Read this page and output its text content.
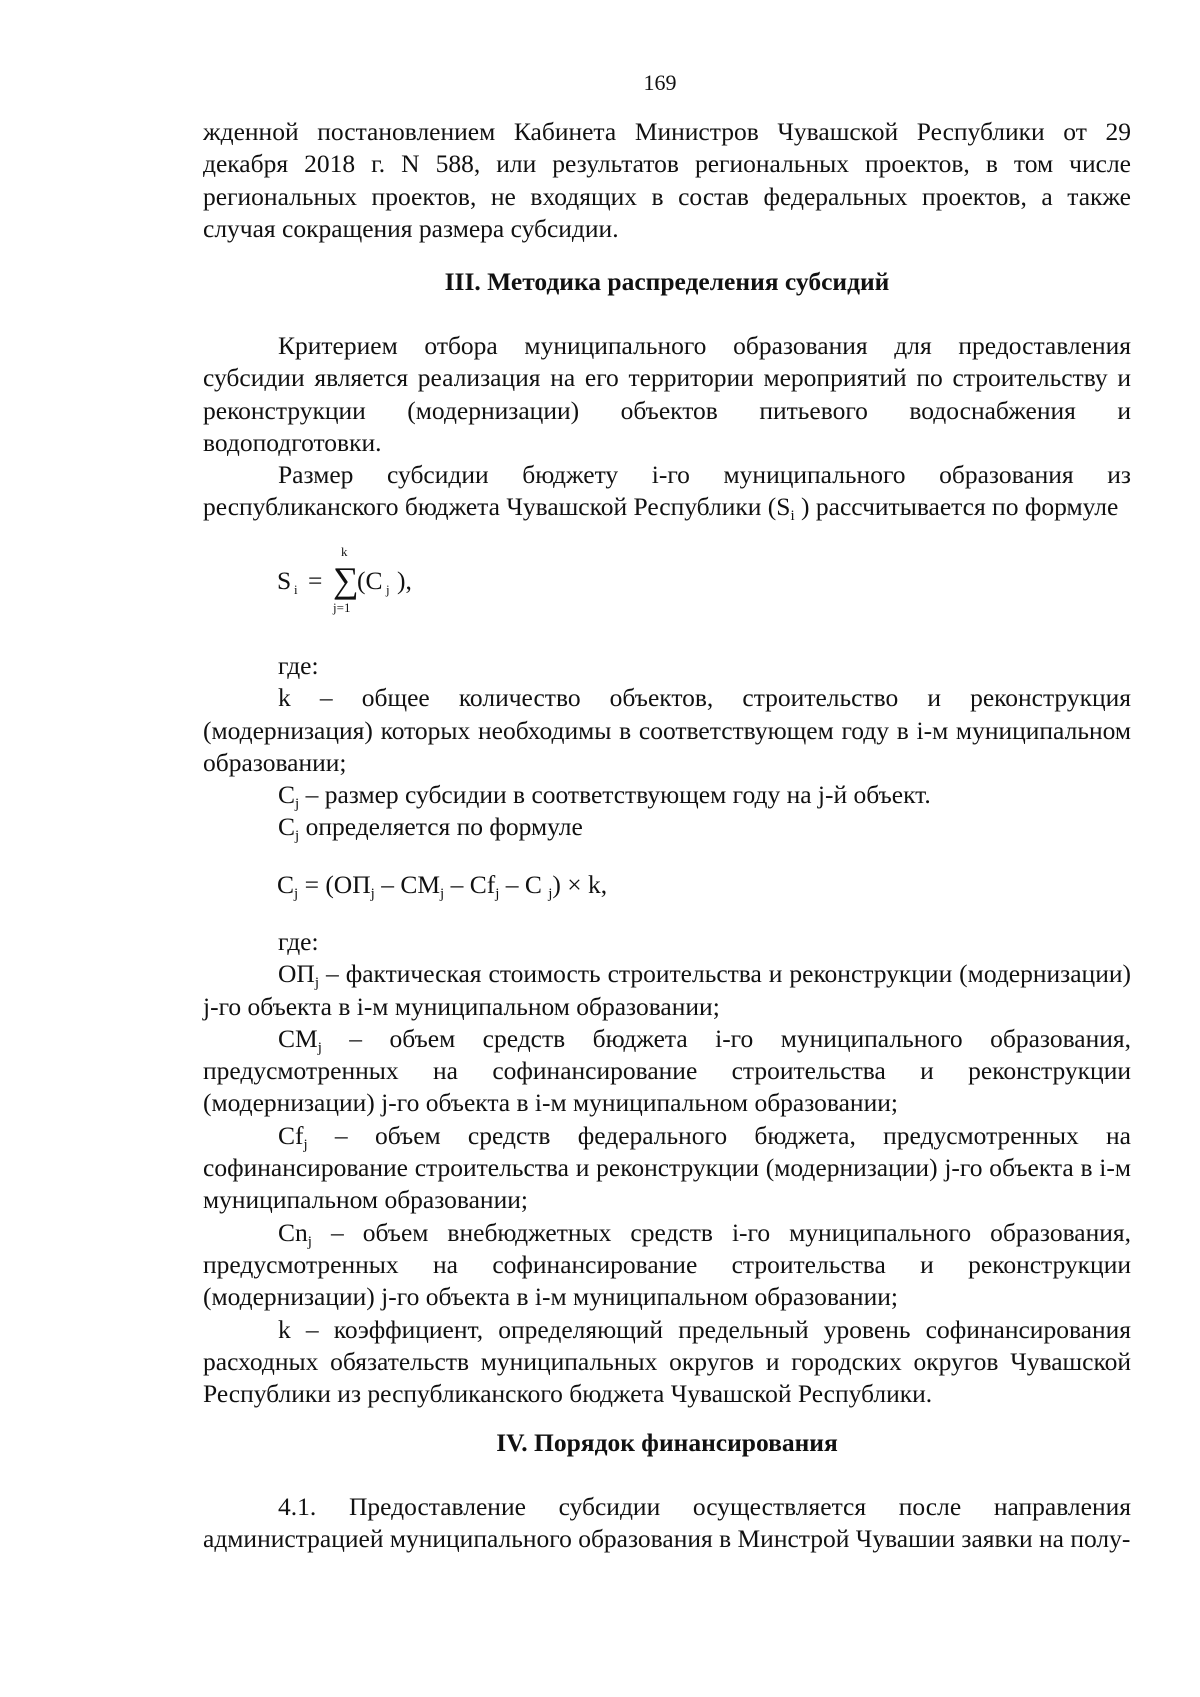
169

жденной постановлением Кабинета Министров Чувашской Республики от 29 декабря 2018 г. N 588, или результатов региональных проектов, в том числе региональных проектов, не входящих в состав федеральных проектов, а также случая сокращения размера субсидии.

III. Методика распределения субсидий

Критерием отбора муниципального образования для предоставления субсидии является реализация на его территории мероприятий по строительству и реконструкции (модернизации) объектов питьевого водоснабжения и водоподготовки.

Размер субсидии бюджету i-го муниципального образования из республиканского бюджета Чувашской Республики ($S_i$ ) рассчитывается по формуле

S i = ∑
k
j=1
(C j ),

где:

k – общее количество объектов, строительство и реконструкция (модернизация) которых необходимы в соответствующем году в i-м муниципальном образовании;

$C_j$ – размер субсидии в соответствующем году на j-й объект.

$C_j$ определяется по формуле

$C_j = (ОП_j - СМ_j - Cf_j - C$ $_j$) × k,

где:

$ОП_j$ – фактическая стоимость строительства и реконструкции (модернизации) j-го объекта в i-м муниципальном образовании;

$СМ_j$ – объем средств бюджета i-го муниципального образования, предусмотренных на софинансирование строительства и реконструкции (модернизации) j-го объекта в i-м муниципальном образовании;

$Cf_j$ – объем средств федерального бюджета, предусмотренных на софинансирование строительства и реконструкции (модернизации) j-го объекта в i-м муниципальном образовании;

$Сn_j$ – объем внебюджетных средств i-го муниципального образования, предусмотренных на софинансирование строительства и реконструкции (модернизации) j-го объекта в i-м муниципальном образовании;

k – коэффициент, определяющий предельный уровень софинансирования расходных обязательств муниципальных округов и городских округов Чувашской Республики из республиканского бюджета Чувашской Республики.

IV. Порядок финансирования

4.1. Предоставление субсидии осуществляется после направления администрацией муниципального образования в Минстрой Чувашии заявки на полу-
